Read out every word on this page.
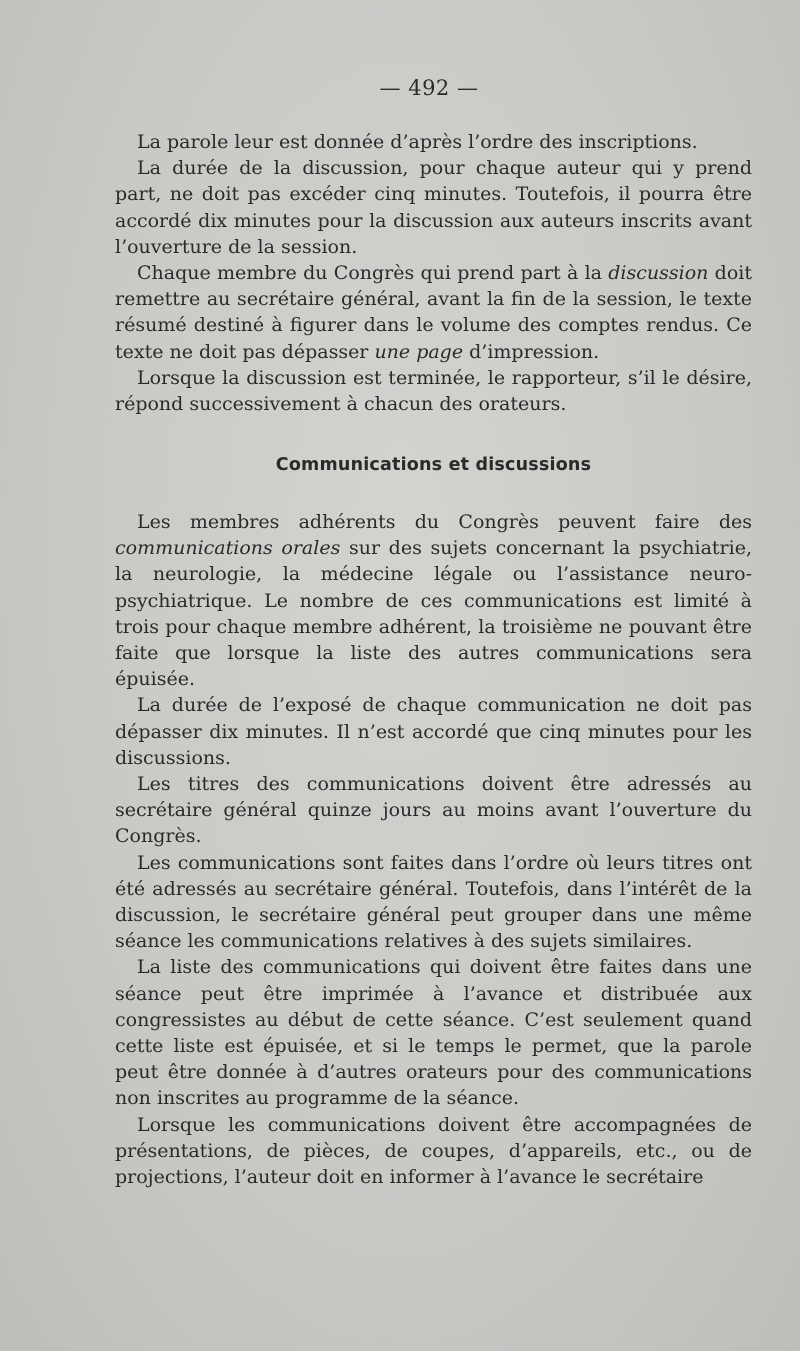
— 492 —

La parole leur est donnée d’après l’ordre des inscriptions.

La durée de la discussion, pour chaque auteur qui y prend part, ne doit pas excéder cinq minutes. Toutefois, il pourra être accordé dix minutes pour la discussion aux auteurs inscrits avant l’ouverture de la session.

Chaque membre du Congrès qui prend part à la discussion doit remettre au secrétaire général, avant la fin de la session, le texte résumé destiné à figurer dans le volume des comptes rendus. Ce texte ne doit pas dépasser une page d’impression.

Lorsque la discussion est terminée, le rapporteur, s’il le désire, répond successivement à chacun des orateurs.

Communications et discussions

Les membres adhérents du Congrès peuvent faire des communications orales sur des sujets concernant la psychiatrie, la neurologie, la médecine légale ou l’assistance neuro-psychiatrique. Le nombre de ces communications est limité à trois pour chaque membre adhérent, la troisième ne pouvant être faite que lorsque la liste des autres communications sera épuisée.

La durée de l’exposé de chaque communication ne doit pas dépasser dix minutes. Il n’est accordé que cinq minutes pour les discussions.

Les titres des communications doivent être adressés au secrétaire général quinze jours au moins avant l’ouverture du Congrès.

Les communications sont faites dans l’ordre où leurs titres ont été adressés au secrétaire général. Toutefois, dans l’intérêt de la discussion, le secrétaire général peut grouper dans une même séance les communications relatives à des sujets similaires.

La liste des communications qui doivent être faites dans une séance peut être imprimée à l’avance et distribuée aux congressistes au début de cette séance. C’est seulement quand cette liste est épuisée, et si le temps le permet, que la parole peut être donnée à d’autres orateurs pour des communications non inscrites au programme de la séance.

Lorsque les communications doivent être accompagnées de présentations, de pièces, de coupes, d’appareils, etc., ou de projections, l’auteur doit en informer à l’avance le secrétaire
